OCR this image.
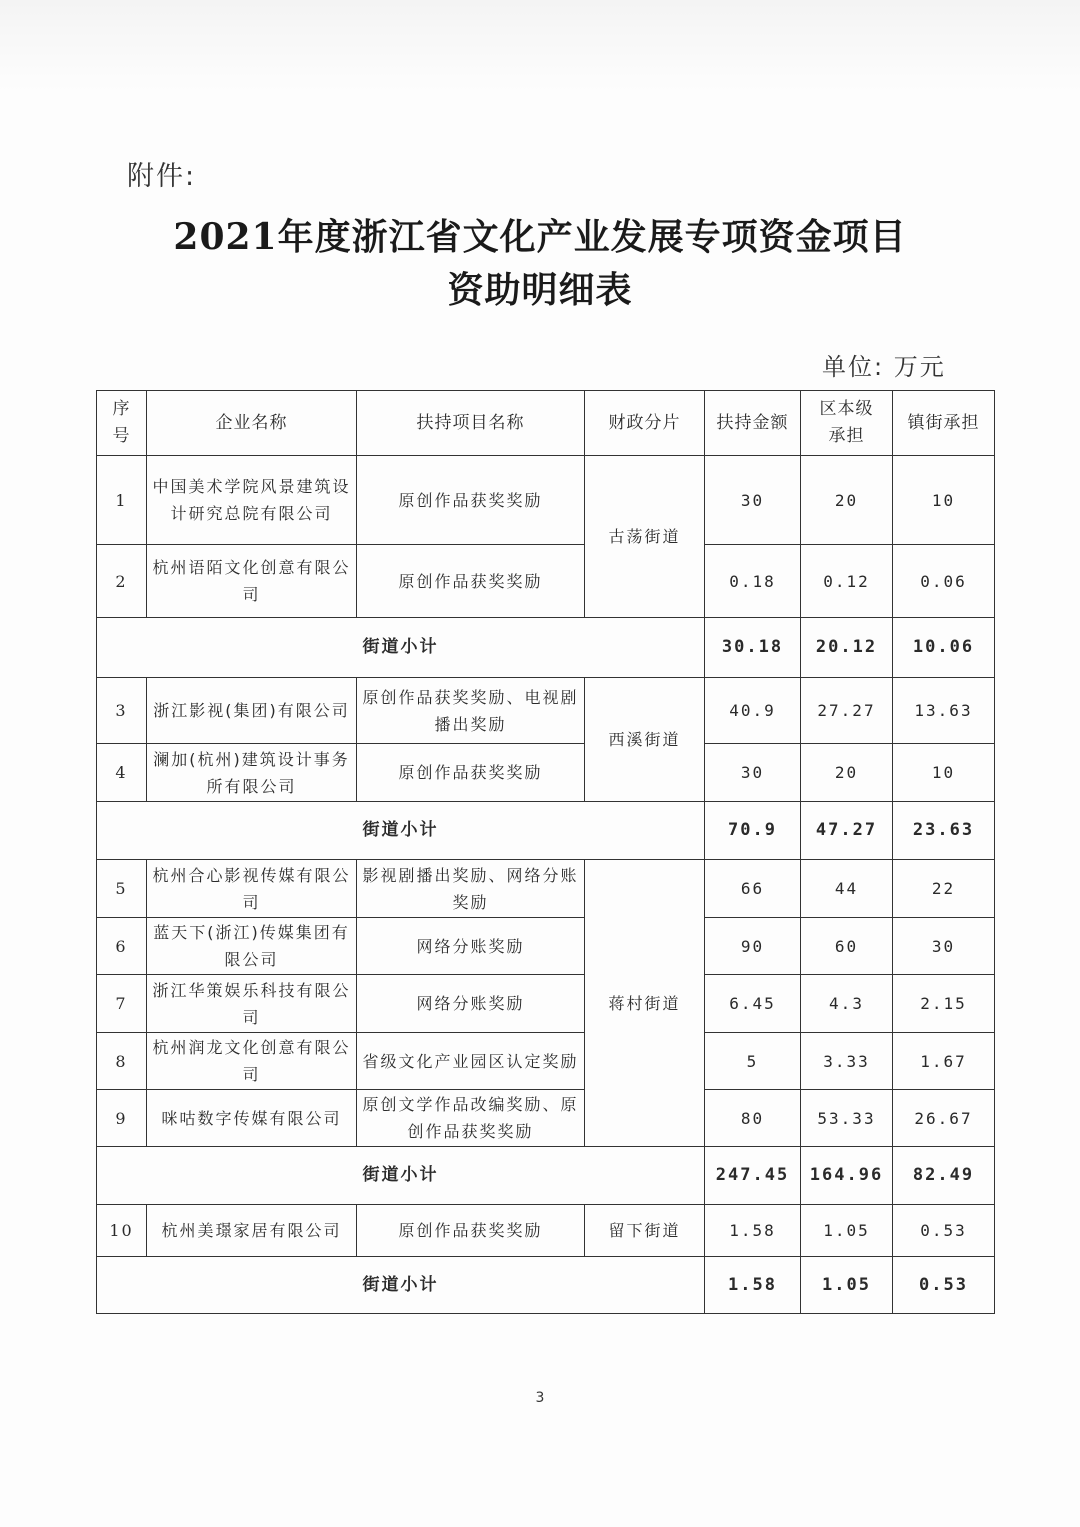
附件:
2021年度浙江省文化产业发展专项资金项目
资助明细表
单位: 万元
序号	企业名称	扶持项目名称	财政分片	扶持金额	区本级承担	镇街承担
1	中国美术学院风景建筑设计研究总院有限公司	原创作品获奖奖励	古荡街道	30	20	10
2	杭州语陌文化创意有限公司	原创作品获奖奖励		0.18	0.12	0.06
街道小计				30.18	20.12	10.06
3	浙江影视(集团)有限公司	原创作品获奖奖励、电视剧播出奖励	西溪街道	40.9	27.27	13.63
4	澜加(杭州)建筑设计事务所有限公司	原创作品获奖奖励		30	20	10
街道小计				70.9	47.27	23.63
5	杭州合心影视传媒有限公司	影视剧播出奖励、网络分账奖励	蒋村街道	66	44	22
6	蓝天下(浙江)传媒集团有限公司	网络分账奖励		90	60	30
7	浙江华策娱乐科技有限公司	网络分账奖励		6.45	4.3	2.15
8	杭州润龙文化创意有限公司	省级文化产业园区认定奖励		5	3.33	1.67
9	咪咕数字传媒有限公司	原创文学作品改编奖励、原创作品获奖奖励		80	53.33	26.67
街道小计				247.45	164.96	82.49
10	杭州美璟家居有限公司	原创作品获奖奖励	留下街道	1.58	1.05	0.53
街道小计				1.58	1.05	0.53
3
